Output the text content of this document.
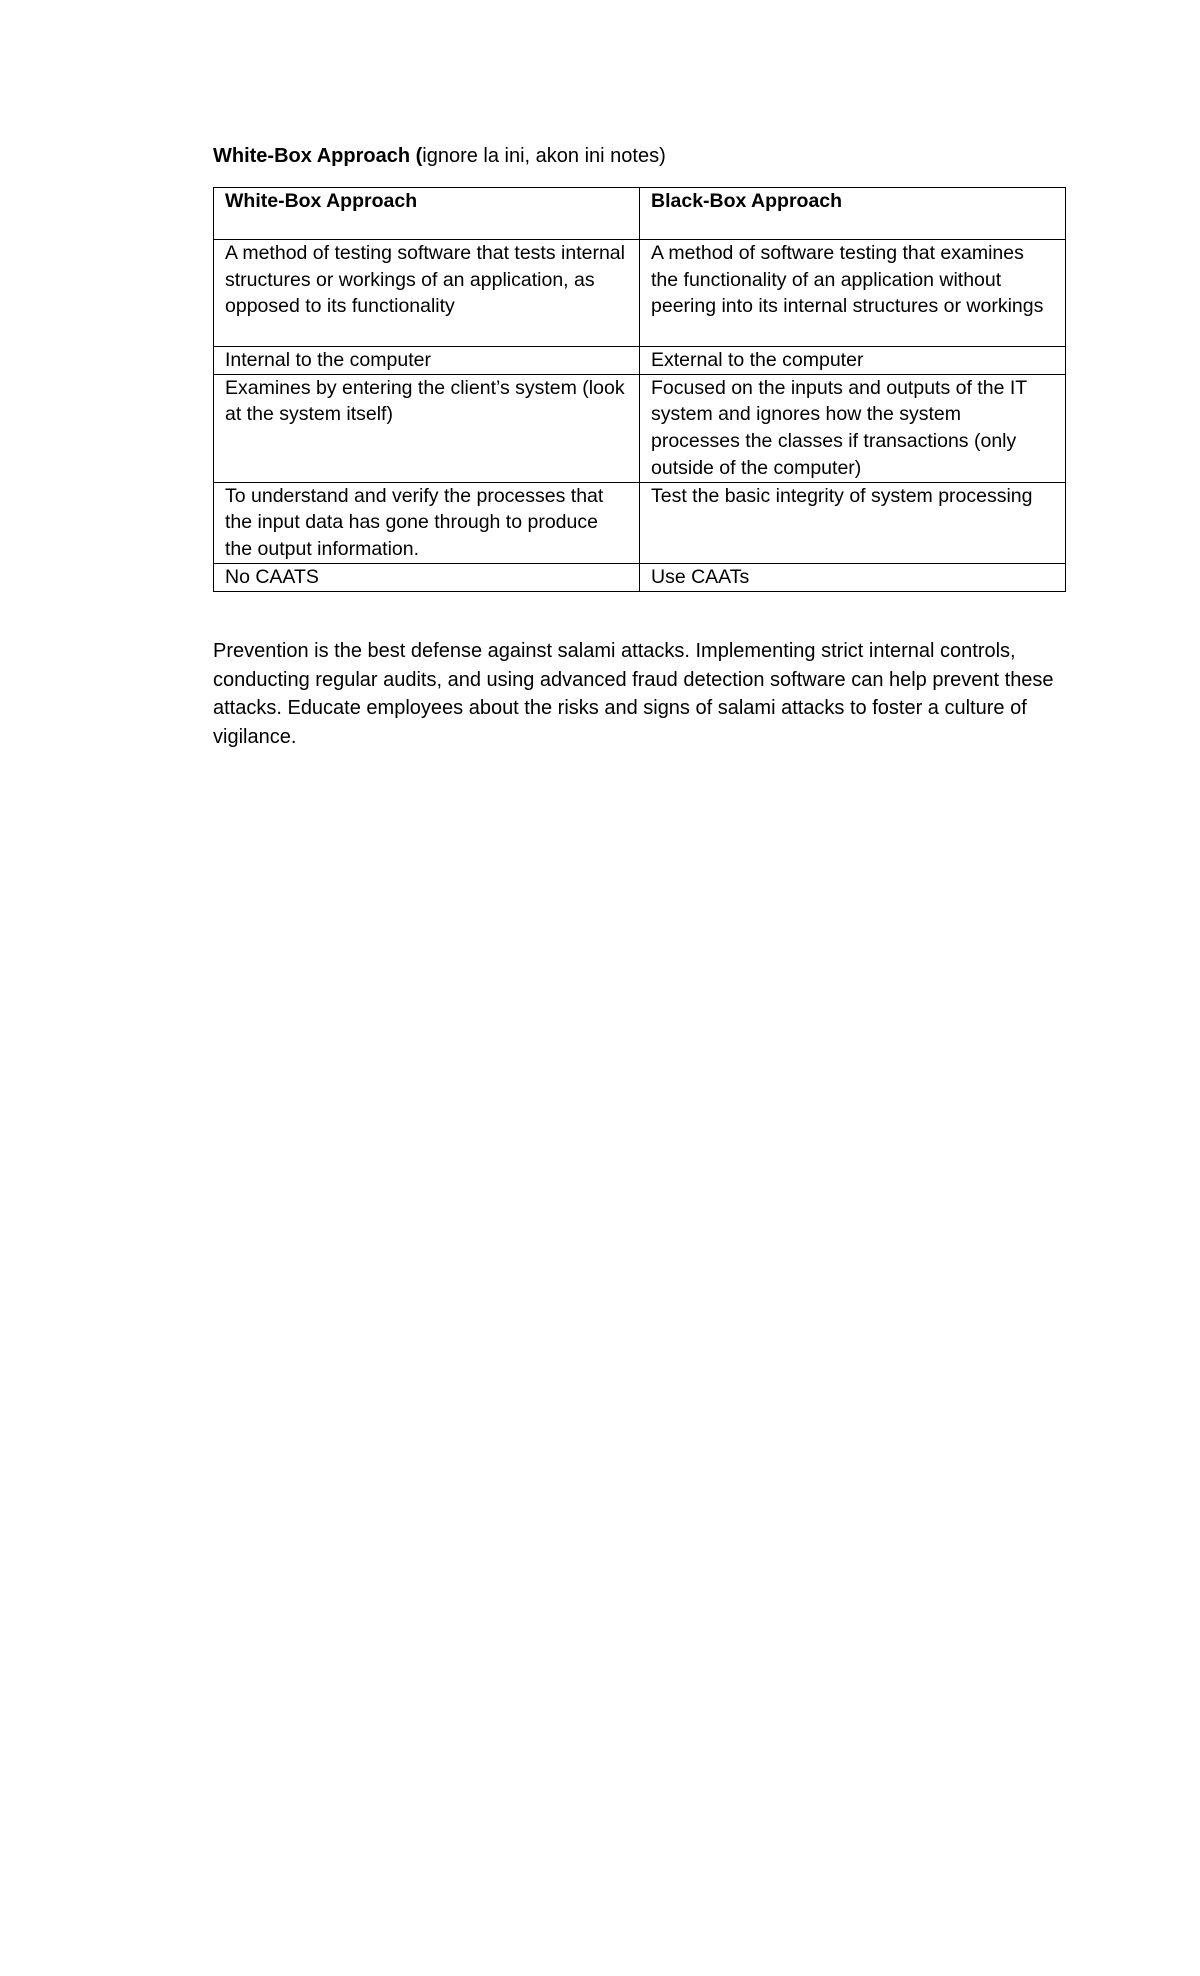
White-Box Approach (ignore la ini, akon ini notes)
White-Box Approach	Black-Box Approach
A method of testing software that tests internal structures or workings of an application, as opposed to its functionality	A method of software testing that examines the functionality of an application without peering into its internal structures or workings
Internal to the computer	External to the computer
Examines by entering the client’s system (look at the system itself)	Focused on the inputs and outputs of the IT system and ignores how the system processes the classes if transactions (only outside of the computer)
To understand and verify the processes that the input data has gone through to produce the output information.	Test the basic integrity of system processing
No CAATS	Use CAATs
Prevention is the best defense against salami attacks. Implementing strict internal controls, conducting regular audits, and using advanced fraud detection software can help prevent these attacks. Educate employees about the risks and signs of salami attacks to foster a culture of vigilance.
